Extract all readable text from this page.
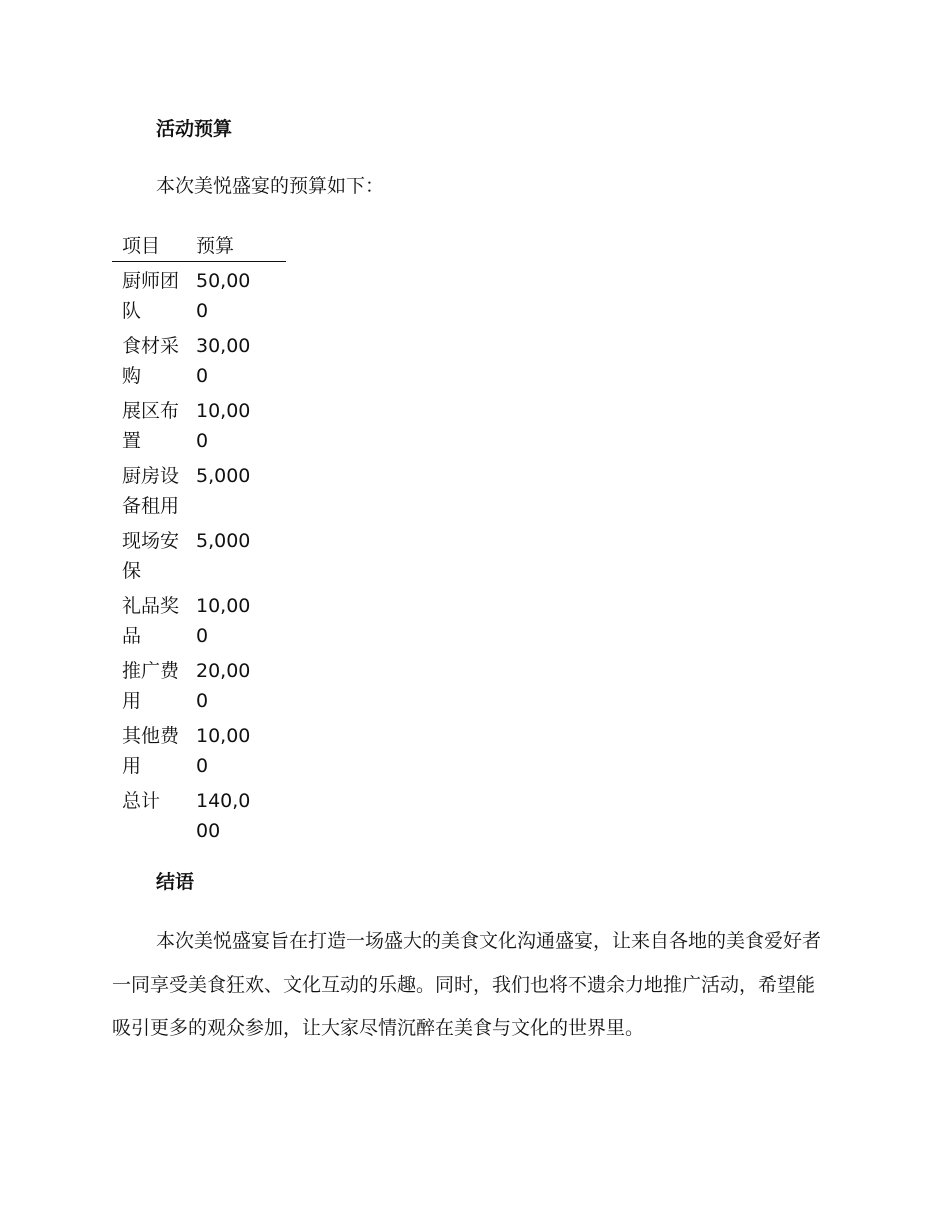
活动预算

本次美悦盛宴的预算如下：

项目	预算	
厨师团队	50,000	
食材采购	30,000	
展区布置	10,000	
厨房设备租用	5,000	
现场安保	5,000	
礼品奖品	10,000	
推广费用	20,000	
其他费用	10,000	
总计	140,000	
结语

本次美悦盛宴旨在打造一场盛大的美食文化沟通盛宴，让来自各地的美食爱好者一同享受美食狂欢、文化互动的乐趣。同时，我们也将不遗余力地推广活动，希望能吸引更多的观众参加，让大家尽情沉醉在美食与文化的世界里。
